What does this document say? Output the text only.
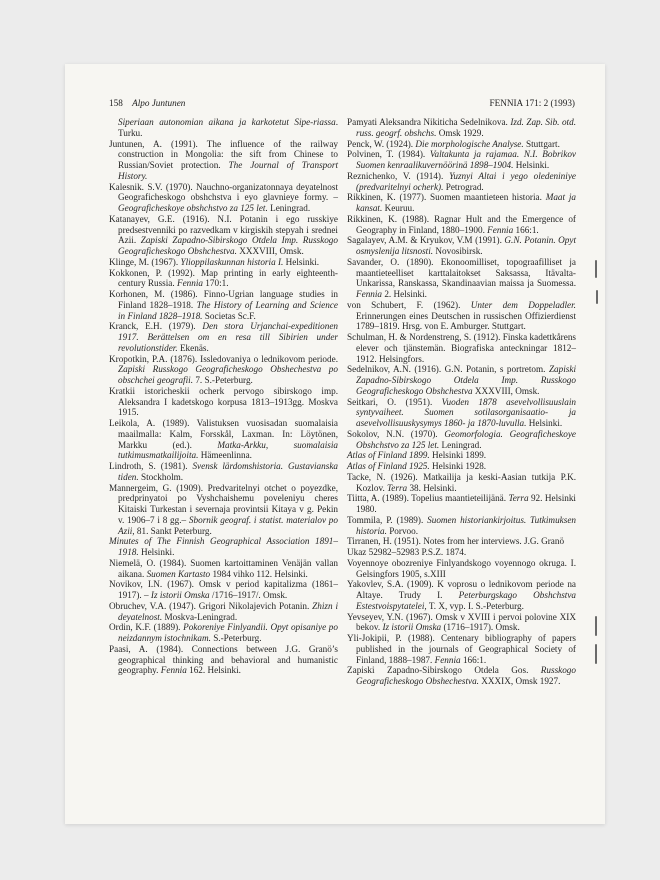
158 Alpo Juntunen	FENNIA 171: 2 (1993)
Siperiaan autonomian aikana ja karkotetut Sipe-riassa. Turku.
Juntunen, A. (1991). The influence of the railway construction in Mongolia: the sift from Chinese to Russian/Soviet protection. The Journal of Transport History.
Kalesnik. S.V. (1970). Nauchno-organizatonnaya deyatelnost Geograficheskogo obshchstva i eyo glavnieye formy. – Geograficheskoye obshchstvo za 125 let. Leningrad.
Katanayev, G.E. (1916). N.I. Potanin i ego russkiye predsestvenniki po razvedkam v kirgiskih stepyah i srednei Azii. Zapiski Zapadno-Sibirskogo Otdela Imp. Russkogo Geograficheskogo Obshchestva. XXXVIII, Omsk.
Klinge, M. (1967). Ylioppilaskunnan historia I. Helsinki.
Kokkonen, P. (1992). Map printing in early eighteenth-century Russia. Fennia 170:1.
Korhonen, M. (1986). Finno-Ugrian language studies in Finland 1828–1918. The History of Learning and Science in Finland 1828–1918. Societas Sc.F.
Kranck, E.H. (1979). Den stora Urjanchai-expeditionen 1917. Berättelsen om en resa till Sibirien under revolutionstider. Ekenäs.
Kropotkin, P.A. (1876). Issledovaniya o lednikovom periode. Zapiski Russkogo Geograficheskogo Obshechestva po obschchei geografii. 7. S.-Peterburg.
Kratkii istoricheskii ocherk pervogo sibirskogo imp. Aleksandra I kadetskogo korpusa 1813–1913gg. Moskva 1915.
Leikola, A. (1989). Valistuksen vuosisadan suomalaisia maailmalla: Kalm, Forsskål, Laxman. In: Löytönen, Markku (ed.). Matka-Arkku, suomalaisia tutkimusmatkailijoita. Hämeenlinna.
Lindroth, S. (1981). Svensk lärdomshistoria. Gustavianska tiden. Stockholm.
Mannergeim, G. (1909). Predvaritelnyi otchet o poyezdke, predprinyatoi po Vyshchaishemu poveleniyu cheres Kitaiski Turkestan i severnaja provintsii Kitaya v g. Pekin v. 1906–7 i 8 gg.– Sbornik geograf. i statist. materialov po Azii, 81. Sankt Peterburg.
Minutes of The Finnish Geographical Association 1891–1918. Helsinki.
Niemelä, O. (1984). Suomen kartoittaminen Venäjän vallan aikana. Suomen Kartasto 1984 vihko 112. Helsinki.
Novikov, I.N. (1967). Omsk v period kapitalizma (1861–1917). – Iz istorii Omska /1716–1917/. Omsk.
Obruchev, V.A. (1947). Grigori Nikolajevich Potanin. Zhizn i deyatelnost. Moskva-Leningrad.
Ordin, K.F. (1889). Pokoreniye Finlyandii. Opyt opisaniye po neizdannym istochnikam. S.-Peterburg.
Paasi, A. (1984). Connections between J.G. Granö’s geographical thinking and behavioral and humanistic geography. Fennia 162. Helsinki.
Pamyati Aleksandra Nikiticha Sedelnikova. Izd. Zap. Sib. otd. russ. geogrf. obshchs. Omsk 1929.
Penck, W. (1924). Die morphologische Analyse. Stuttgart.
Polvinen, T. (1984). Valtakunta ja rajamaa. N.I. Bobrikov Suomen kenraalikuvernöörinä 1898–1904. Helsinki.
Reznichenko, V. (1914). Yuznyi Altai i yego oledeniniye (predvaritelnyi ocherk). Petrograd.
Rikkinen, K. (1977). Suomen maantieteen historia. Maat ja kansat. Keuruu.
Rikkinen, K. (1988). Ragnar Hult and the Emergence of Geography in Finland, 1880–1900. Fennia 166:1.
Sagalayev, A.M. & Kryukov, V.M (1991). G.N. Potanin. Opyt osmyslenija litsnosti. Novosibirsk.
Savander, O. (1890). Ekonoomilliset, topograafilliset ja maantieteelliset karttalaitokset Saksassa, Itävalta-Unkarissa, Ranskassa, Skandinaavian maissa ja Suomessa. Fennia 2. Helsinki.
von Schubert, F. (1962). Unter dem Doppeladler. Erinnerungen eines Deutschen in russischen Offizierdienst 1789–1819. Hrsg. von E. Amburger. Stuttgart.
Schulman, H. & Nordenstreng, S. (1912). Finska kadettkårens elever och tjänstemän. Biografiska anteckningar 1812–1912. Helsingfors.
Sedelnikov, A.N. (1916). G.N. Potanin, s portretom. Zapiski Zapadno-Sibirskogo Otdela Imp. Russkogo Geograficheskogo Obshchestva XXXVIII, Omsk.
Seitkari, O. (1951). Vuoden 1878 asevelvollisuuslain syntyvaiheet. Suomen sotilasorganisaatio- ja asevelvollisuuskysymys 1860- ja 1870-luvulla. Helsinki.
Sokolov, N.N. (1970). Geomorfologia. Geograficheskoye Obshchstvo za 125 let. Leningrad.
Atlas of Finland 1899. Helsinki 1899.
Atlas of Finland 1925. Helsinki 1928.
Tacke, N. (1926). Matkailija ja keski-Aasian tutkija P.K. Kozlov. Terra 38. Helsinki.
Tiitta, A. (1989). Topelius maantieteilijänä. Terra 92. Helsinki 1980.
Tommila, P. (1989). Suomen historiankirjoitus. Tutkimuksen historia. Porvoo.
Tirranen, H. (1951). Notes from her interviews. J.G. Granö
Ukaz 52982–52983 P.S.Z. 1874.
Voyennoye obozreniye Finlyandskogo voyennogo okruga. I. Gelsingfors 1905, s.XIII
Yakovlev, S.A. (1909). K voprosu o lednikovom periode na Altaye. Trudy I. Peterburgskago Obshchstva Estestvoispytatelei, T. X, vyp. I. S.-Peterburg.
Yevseyev, Y.N. (1967). Omsk v XVIII i pervoi polovine XIX bekov. Iz istorii Omska (1716–1917). Omsk.
Yli-Jokipii, P. (1988). Centenary bibliography of papers published in the journals of Geographical Society of Finland, 1888–1987. Fennia 166:1.
Zapiski Zapadno-Sibirskogo Otdela Gos. Russkogo Geograficheskogo Obshechestva. XXXIX, Omsk 1927.
